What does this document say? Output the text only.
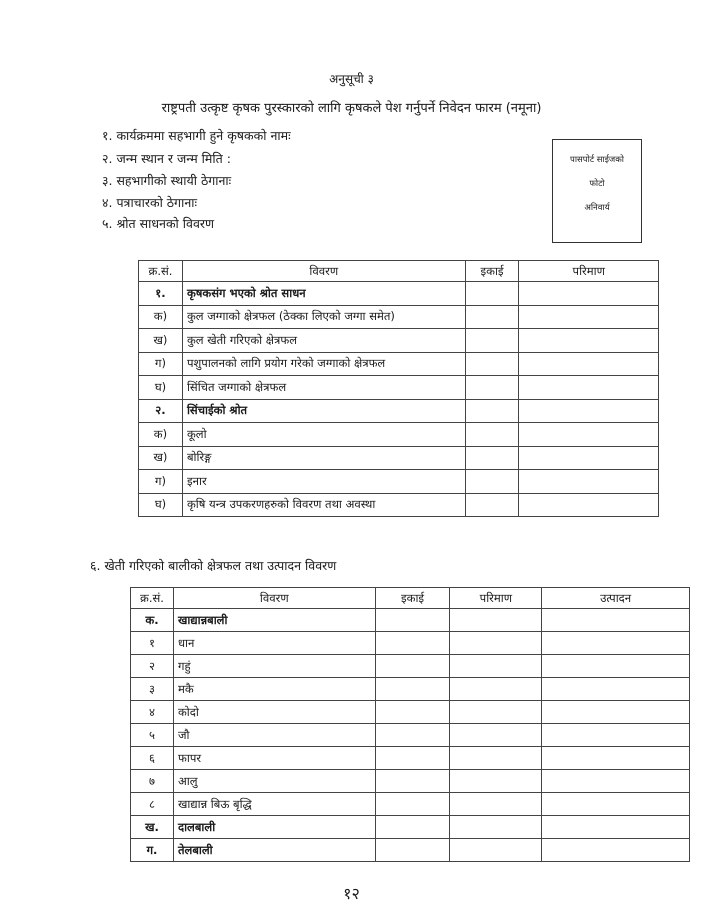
अनुसूची ३
राष्ट्रपती उत्कृष्ट कृषक पुरस्कारको लागि कृषकले पेश गर्नुपर्ने निवेदन फारम (नमूना)
१. कार्यक्रममा सहभागी हुने कृषकको नामः
२. जन्म स्थान र जन्म मिति :
३. सहभागीको स्थायी ठेगानाः
४. पत्राचारको ठेगानाः
५. श्रोत साधनको विवरण
पासपोर्ट साईजको
फोटो
अनिवार्य
क्र.सं.	विवरण	इकाई	परिमाण
१.	कृषकसंग भएको श्रोत साधन		
क)	कुल जग्गाको क्षेत्रफल (ठेक्का लिएको जग्गा समेत)		
ख)	कुल खेती गरिएको क्षेत्रफल		
ग)	पशुपालनको लागि प्रयोग गरेको जग्गाको क्षेत्रफल		
घ)	सिंचित जग्गाको क्षेत्रफल		
२.	सिंचाईको श्रोत		
क)	कूलो		
ख)	बोरिङ्ग		
ग)	इनार		
घ)	कृषि यन्त्र उपकरणहरुको विवरण तथा अवस्था		
६. खेती गरिएको बालीको क्षेत्रफल तथा उत्पादन विवरण
क्र.सं.	विवरण	इकाई	परिमाण	उत्पादन
क.	खाद्यान्नबाली			
१	धान			
२	गहुं			
३	मकै			
४	कोदो			
५	जौ			
६	फापर			
७	आलु			
८	खाद्यान्न बिऊ बृद्धि			
ख.	दालबाली			
ग.	तेलबाली			
१२
